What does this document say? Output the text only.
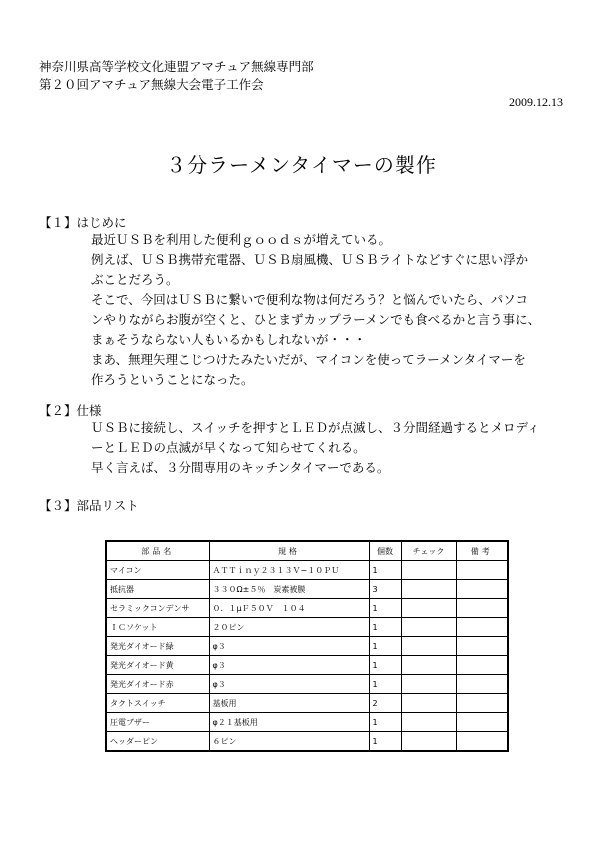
神奈川県高等学校文化連盟アマチュア無線専門部
第２０回アマチュア無線大会電子工作会
2009.12.13
３分ラーメンタイマーの製作
【１】はじめに
最近ＵＳＢを利用した便利ｇｏｏｄｓが増えている。
例えば、ＵＳＢ携帯充電器、ＵＳＢ扇風機、ＵＳＢライトなどすぐに思い浮か
ぶことだろう。
そこで、今回はＵＳＢに繋いで便利な物は何だろう？と悩んでいたら、パソコ
ンやりながらお腹が空くと、ひとまずカップラーメンでも食べるかと言う事に、
まぁそうならない人もいるかもしれないが・・・
まあ、無理矢理こじつけたみたいだが、マイコンを使ってラーメンタイマーを
作ろうということになった。
【２】仕様
ＵＳＢに接続し、スイッチを押すとＬＥＤが点滅し、３分間経過するとメロディ
ーとＬＥＤの点滅が早くなって知らせてくれる。
早く言えば、３分間専用のキッチンタイマーである。
【３】部品リスト
部品名	規格	個数	チェック	備考
マイコン	ＡＴＴｉｎｙ２３１３Ｖ−１０ＰＵ	1		
抵抗器	３３０Ω±５％　炭素被膜	3		
セラミックコンデンサ	０．１μＦ５０Ｖ　１０４	1		
ＩＣソケット	２０ピン	1		
発光ダイオード緑	φ３	1		
発光ダイオード黄	φ３	1		
発光ダイオード赤	φ３	1		
タクトスイッチ	基板用	2		
圧電ブザー	φ２１基板用	1		
ヘッダーピン	６ピン	1		
